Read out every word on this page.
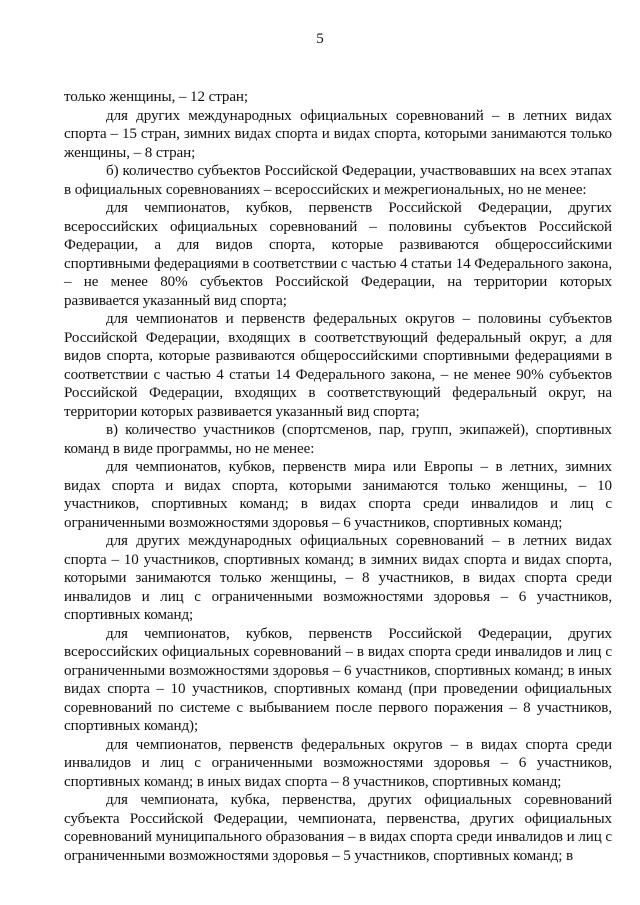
5

только женщины, – 12 стран;

для других международных официальных соревнований – в летних видах спорта – 15 стран, зимних видах спорта и видах спорта, которыми занимаются только женщины, – 8 стран;

б) количество субъектов Российской Федерации, участвовавших на всех этапах в официальных соревнованиях – всероссийских и межрегиональных, но не менее:

для чемпионатов, кубков, первенств Российской Федерации, других всероссийских официальных соревнований – половины субъектов Российской Федерации, а для видов спорта, которые развиваются общероссийскими спортивными федерациями в соответствии с частью 4 статьи 14 Федерального закона, – не менее 80% субъектов Российской Федерации, на территории которых развивается указанный вид спорта;

для чемпионатов и первенств федеральных округов – половины субъектов Российской Федерации, входящих в соответствующий федеральный округ, а для видов спорта, которые развиваются общероссийскими спортивными федерациями в соответствии с частью 4 статьи 14 Федерального закона, – не менее 90% субъектов Российской Федерации, входящих в соответствующий федеральный округ, на территории которых развивается указанный вид спорта;

в) количество участников (спортсменов, пар, групп, экипажей), спортивных команд в виде программы, но не менее:

для чемпионатов, кубков, первенств мира или Европы – в летних, зимних видах спорта и видах спорта, которыми занимаются только женщины, – 10 участников, спортивных команд; в видах спорта среди инвалидов и лиц с ограниченными возможностями здоровья – 6 участников, спортивных команд;

для других международных официальных соревнований – в летних видах спорта – 10 участников, спортивных команд; в зимних видах спорта и видах спорта, которыми занимаются только женщины, – 8 участников, в видах спорта среди инвалидов и лиц с ограниченными возможностями здоровья – 6 участников, спортивных команд;

для чемпионатов, кубков, первенств Российской Федерации, других всероссийских официальных соревнований – в видах спорта среди инвалидов и лиц с ограниченными возможностями здоровья – 6 участников, спортивных команд; в иных видах спорта – 10 участников, спортивных команд (при проведении официальных соревнований по системе с выбыванием после первого поражения – 8 участников, спортивных команд);

для чемпионатов, первенств федеральных округов – в видах спорта среди инвалидов и лиц с ограниченными возможностями здоровья – 6 участников, спортивных команд; в иных видах спорта – 8 участников, спортивных команд;

для чемпионата, кубка, первенства, других официальных соревнований субъекта Российской Федерации, чемпионата, первенства, других официальных соревнований муниципального образования – в видах спорта среди инвалидов и лиц с ограниченными возможностями здоровья – 5 участников, спортивных команд; в
